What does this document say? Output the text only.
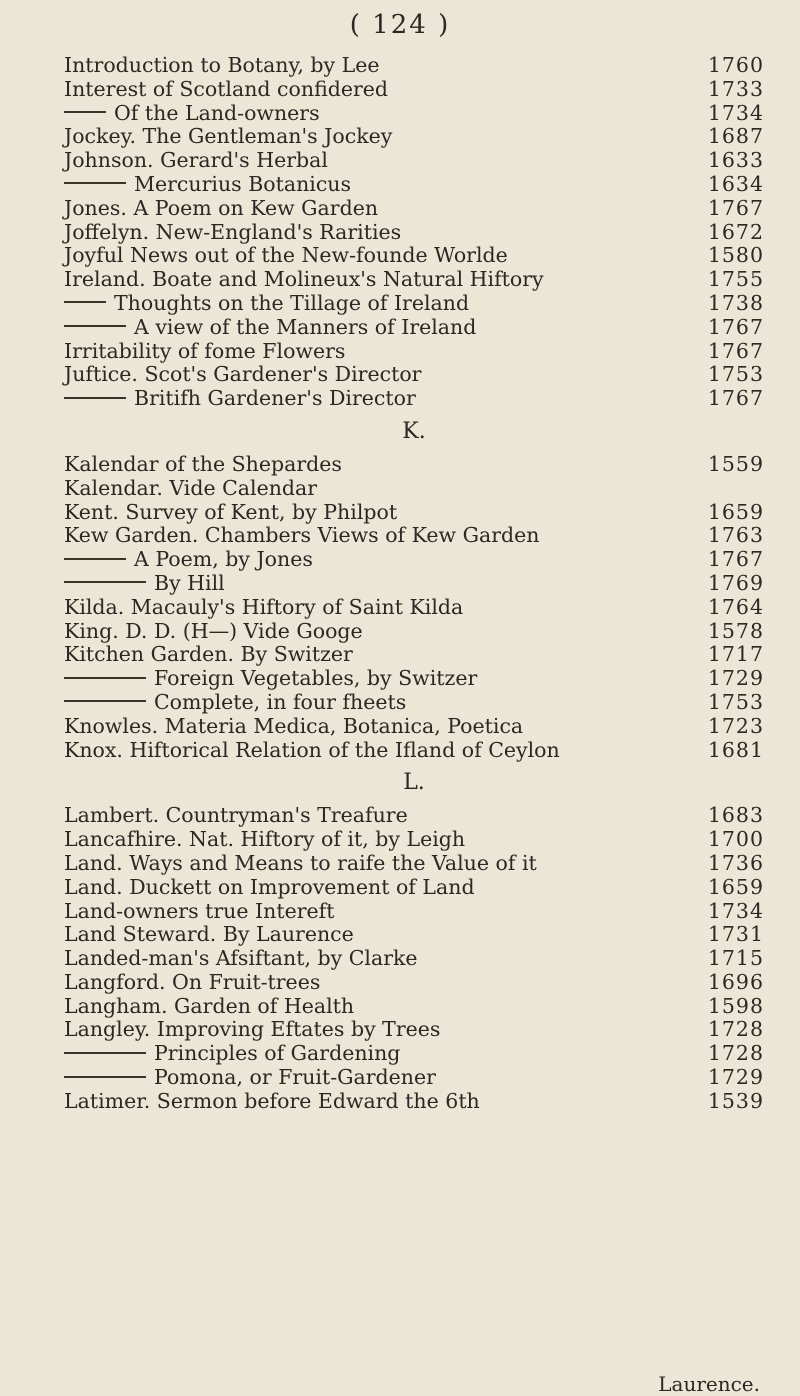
( 124 )
Introduction to Botany, by Lee	1760
Interest of Scotland confidered	1733
Of the Land-owners	1734
Jockey. The Gentleman's Jockey	1687
Johnson. Gerard's Herbal	1633
Mercurius Botanicus	1634
Jones. A Poem on Kew Garden	1767
Joffelyn. New-England's Rarities	1672
Joyful News out of the New-founde Worlde	1580
Ireland. Boate and Molineux's Natural Hiftory	1755
Thoughts on the Tillage of Ireland	1738
A view of the Manners of Ireland	1767
Irritability of fome Flowers	1767
Juftice. Scot's Gardener's Director	1753
Britifh Gardener's Director	1767
K.
Kalendar of the Shepardes	1559
Kalendar. Vide Calendar
Kent. Survey of Kent, by Philpot	1659
Kew Garden. Chambers Views of Kew Garden	1763
A Poem, by Jones	1767
By Hill	1769
Kilda. Macauly's Hiftory of Saint Kilda	1764
King. D. D. (H—) Vide Googe	1578
Kitchen Garden. By Switzer	1717
Foreign Vegetables, by Switzer	1729
Complete, in four fheets	1753
Knowles. Materia Medica, Botanica, Poetica	1723
Knox. Hiftorical Relation of the Ifland of Ceylon	1681
L.
Lambert. Countryman's Treafure	1683
Lancafhire. Nat. Hiftory of it, by Leigh	1700
Land. Ways and Means to raife the Value of it	1736
Land. Duckett on Improvement of Land	1659
Land-owners true Intereft	1734
Land Steward. By Laurence	1731
Landed-man's Afsiftant, by Clarke	1715
Langford. On Fruit-trees	1696
Langham. Garden of Health	1598
Langley. Improving Eftates by Trees	1728
Principles of Gardening	1728
Pomona, or Fruit-Gardener	1729
Latimer. Sermon before Edward the 6th	1539
Laurence.
